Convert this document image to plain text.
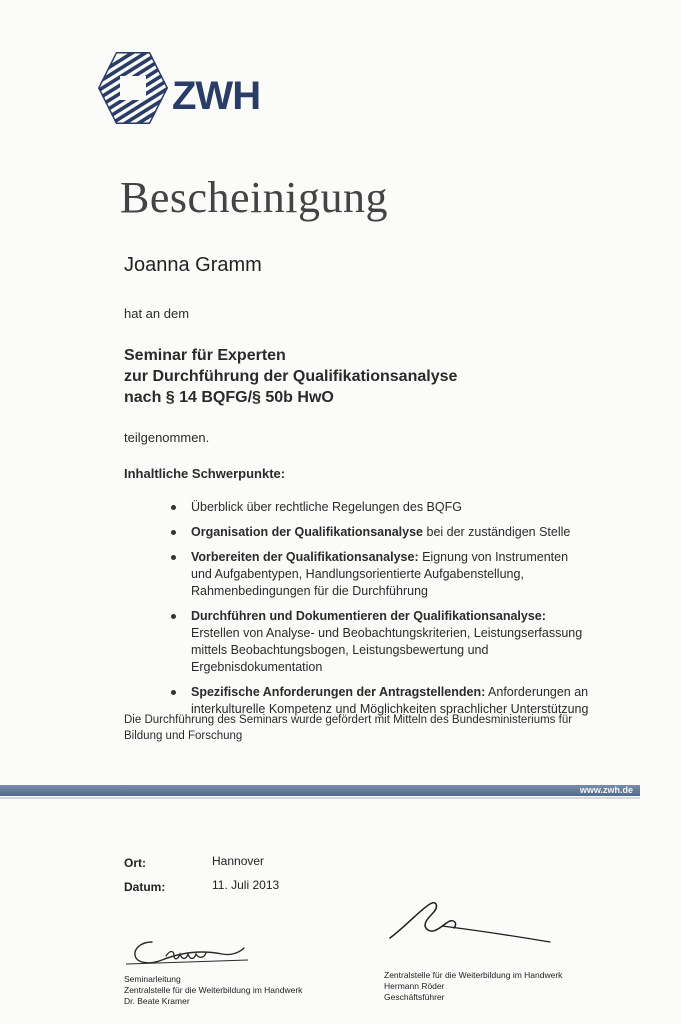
ZWH
Bescheinigung
Joanna Gramm
hat an dem
Seminar für Experten
zur Durchführung der Qualifikationsanalyse
nach § 14 BQFG/§ 50b HwO
teilgenommen.
Inhaltliche Schwerpunkte:
Überblick über rechtliche Regelungen des BQFG
Organisation der Qualifikationsanalyse bei der zuständigen Stelle
Vorbereiten der Qualifikationsanalyse: Eignung von Instrumenten und Aufgabentypen, Handlungsorientierte Aufgabenstellung, Rahmenbedingungen für die Durchführung
Durchführen und Dokumentieren der Qualifikationsanalyse: Erstellen von Analyse- und Beobachtungskriterien, Leistungserfassung mittels Beobachtungsbogen, Leistungsbewertung und Ergebnisdokumentation
Spezifische Anforderungen der Antragstellenden: Anforderungen an interkulturelle Kompetenz und Möglichkeiten sprachlicher Unterstützung
Die Durchführung des Seminars wurde gefördert mit Mitteln des Bundesministeriums für Bildung und Forschung
www.zwh.de
Ort:	Hannover
Datum:	11. Juli 2013
Seminarleitung
Zentralstelle für die Weiterbildung im Handwerk
Dr. Beate Kramer
Zentralstelle für die Weiterbildung im Handwerk
Hermann Röder
Geschäftsführer
